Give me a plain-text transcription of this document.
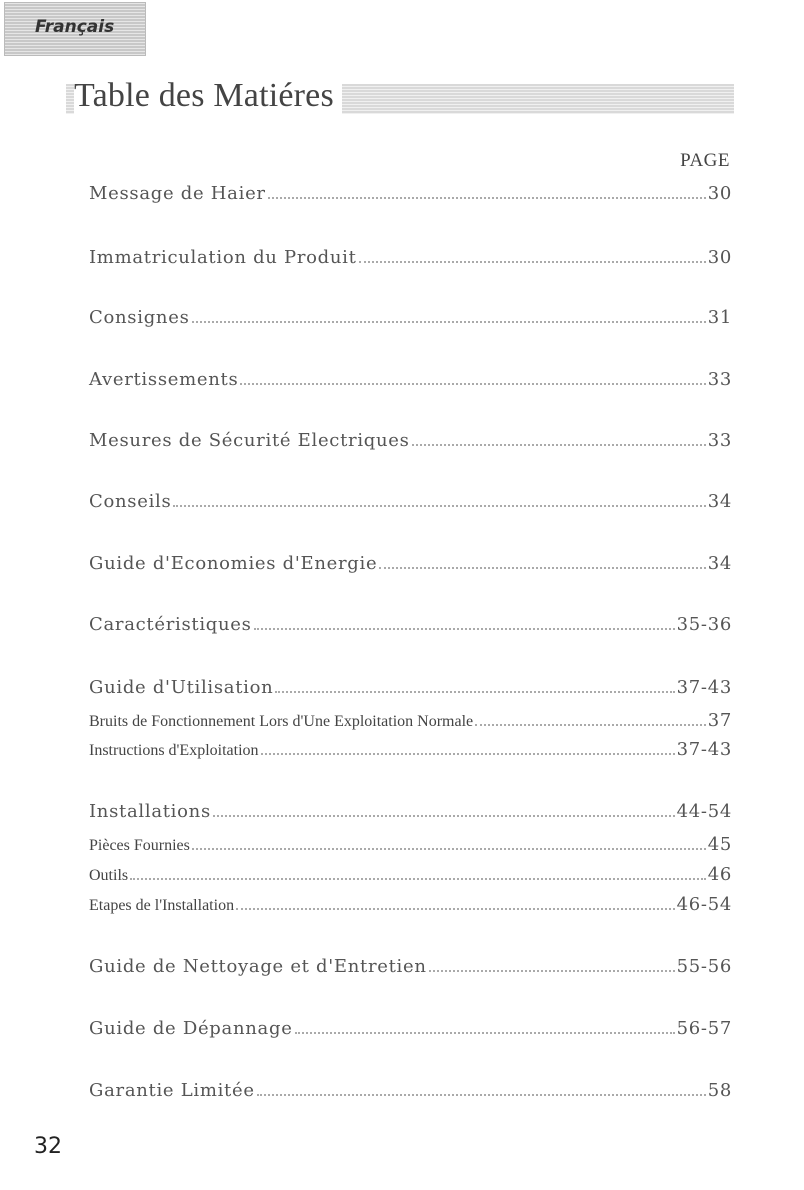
Français
Table des Matiéres
PAGE
Message de Haier	30
Immatriculation du Produit	30
Consignes	31
Avertissements	33
Mesures de Sécurité Electriques	33
Conseils	34
Guide d'Economies d'Energie	34
Caractéristiques	35-36
Guide d'Utilisation	37-43
Bruits de Fonctionnement Lors d'Une Exploitation Normale	37
Instructions d'Exploitation	37-43
Installations	44-54
Pièces Fournies	45
Outils	46
Etapes de l'Installation	46-54
Guide de Nettoyage et d'Entretien	55-56
Guide de Dépannage	56-57
Garantie Limitée	58
32
